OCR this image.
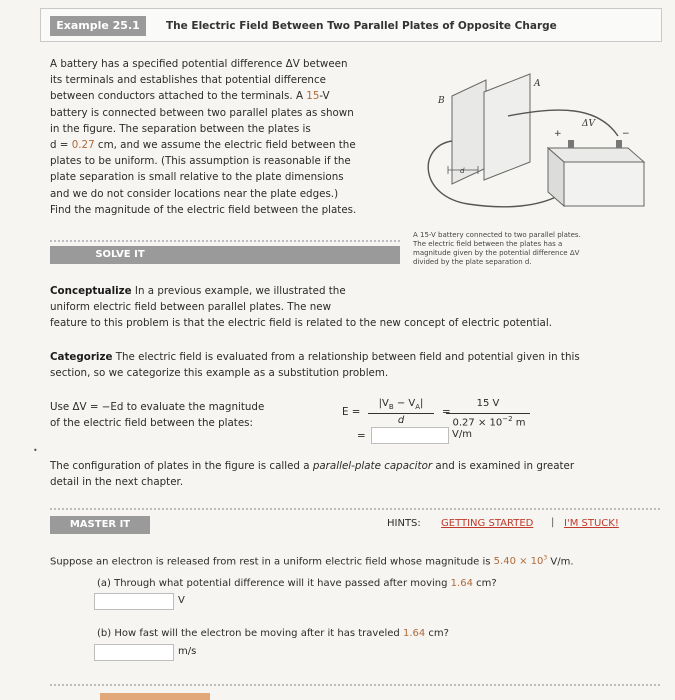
Example 25.1	The Electric Field Between Two Parallel Plates of Opposite Charge
A battery has a specified potential difference ΔV between
its terminals and establishes that potential difference
between conductors attached to the terminals. A 15-V
battery is connected between two parallel plates as shown
in the figure. The separation between the plates is
d = 0.27 cm, and we assume the electric field between the
plates to be uniform. (This assumption is reasonable if the
plate separation is small relative to the plate dimensions
and we do not consider locations near the plate edges.)
Find the magnitude of the electric field between the plates.
B
A
d
+	−
ΔV
A 15-V battery connected to two parallel plates.
The electric field between the plates has a
magnitude given by the potential difference ΔV
divided by the plate separation d.
SOLVE IT
Conceptualize In a previous example, we illustrated the
uniform electric field between parallel plates. The new
feature to this problem is that the electric field is related to the new concept of electric potential.
Categorize The electric field is evaluated from a relationship between field and potential given in this
section, so we categorize this example as a substitution problem.
Use ΔV = −Ed to evaluate the magnitude
of the electric field between the plates:
E =
$|V_B - V_A|$
d
=
15 V
$0.27 \times 10^{-2}$ m
=	V/m
•
The configuration of plates in the figure is called a parallel-plate capacitor and is examined in greater
detail in the next chapter.
MASTER IT	HINTS: GETTING STARTED | I'M STUCK!
Suppose an electron is released from rest in a uniform electric field whose magnitude is $5.40 \times 10^3$ V/m.
(a) Through what potential difference will it have passed after moving 1.64 cm?
V
(b) How fast will the electron be moving after it has traveled 1.64 cm?
m/s
